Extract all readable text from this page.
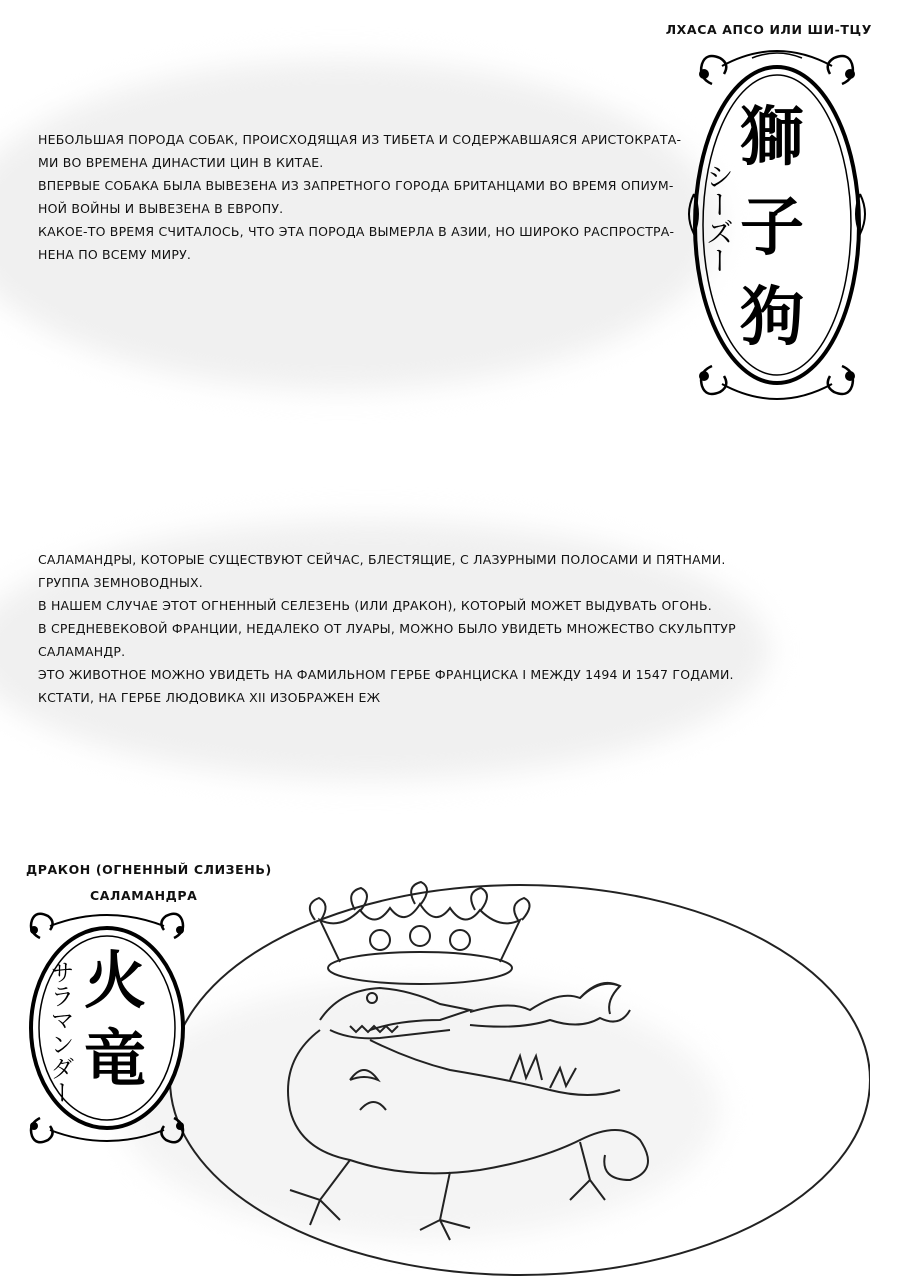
ЛХАСА АПСО ИЛИ ШИ-ТЦУ

НЕБОЛЬШАЯ ПОРОДА СОБАК, ПРОИСХОДЯЩАЯ ИЗ ТИБЕТА И СОДЕРЖАВШАЯСЯ АРИСТОКРАТА-

МИ ВО ВРЕМЕНА ДИНАСТИИ ЦИН В КИТАЕ.

ВПЕРВЫЕ СОБАКА БЫЛА ВЫВЕЗЕНА ИЗ ЗАПРЕТНОГО ГОРОДА БРИТАНЦАМИ ВО ВРЕМЯ ОПИУМ-

НОЙ ВОЙНЫ И ВЫВЕЗЕНА В ЕВРОПУ.

КАКОЕ-ТО ВРЕМЯ СЧИТАЛОСЬ, ЧТО ЭТА ПОРОДА ВЫМЕРЛА В АЗИИ, НО ШИРОКО РАСПРОСТРА-

НЕНА ПО ВСЕМУ МИРУ.

獅
子
狗
シーズー

САЛАМАНДРЫ, КОТОРЫЕ СУЩЕСТВУЮТ СЕЙЧАС, БЛЕСТЯЩИЕ, С ЛАЗУРНЫМИ ПОЛОСАМИ И ПЯТНАМИ.

ГРУППА ЗЕМНОВОДНЫХ.

В НАШЕМ СЛУЧАЕ ЭТОТ ОГНЕННЫЙ СЕЛЕЗЕНЬ (ИЛИ ДРАКОН), КОТОРЫЙ МОЖЕТ ВЫДУВАТЬ ОГОНЬ.

В СРЕДНЕВЕКОВОЙ ФРАНЦИИ, НЕДАЛЕКО ОТ ЛУАРЫ, МОЖНО БЫЛО УВИДЕТЬ МНОЖЕСТВО СКУЛЬПТУР

САЛАМАНДР.

ЭТО ЖИВОТНОЕ МОЖНО УВИДЕТЬ НА ФАМИЛЬНОМ ГЕРБЕ ФРАНЦИСКА I МЕЖДУ 1494 И 1547 ГОДАМИ.

КСТАТИ, НА ГЕРБЕ ЛЮДОВИКА XII ИЗОБРАЖЕН ЕЖ

ДРАКОН (ОГНЕННЫЙ СЛИЗЕНЬ)
САЛАМАНДРА
火
竜
サラマンダー
